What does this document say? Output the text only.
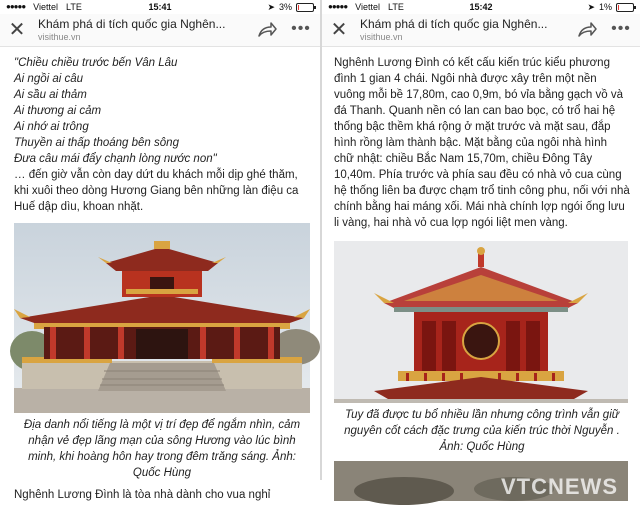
●●●●● Viettel LTE	15:41	➤ 3%
✕ Khám phá di tích quốc gia Nghên...
visithue.vn	•••

"Chiều chiều trước bến Vân Lâu

Ai ngồi ai câu

Ai sầu ai thảm

Ai thương ai cảm

Ai nhớ ai trông

Thuyền ai thấp thoáng bên sông

Đưa câu mái đẩy chạnh lòng nước non"

… đến giờ vẫn còn day dứt du khách mỗi dịp ghé thăm, khi xuôi theo dòng Hương Giang bên những làn điệu ca Huế dập dìu, khoan nhặt.

Địa danh nổi tiếng là một vị trí đẹp để ngắm nhìn, cảm nhận vẻ đẹp lãng mạn của sông Hương vào lúc bình minh, khi hoàng hôn hay trong đêm trăng sáng. Ảnh: Quốc Hùng

Nghênh Lương Đình là tòa nhà dành cho vua nghỉ

●●●●● Viettel LTE	15:42	➤ 1%
✕ Khám phá di tích quốc gia Nghên...
visithue.vn	•••

Nghênh Lương Đình có kết cấu kiến trúc kiểu phương đình 1 gian 4 chái. Ngôi nhà được xây trên một nền vuông mỗi bề 17,80m, cao 0,9m, bó vỉa bằng gạch vồ và đá Thanh. Quanh nền có lan can bao bọc, có trổ hai hệ thống bậc thềm khá rộng ở mặt trước và mặt sau, đắp hình rồng làm thành bậc. Mặt bằng của ngôi nhà hình chữ nhật: chiều Bắc Nam 15,70m, chiều Đông Tây 10,40m. Phía trước và phía sau đều có nhà vỏ cua cùng hệ thống liên ba được chạm trổ tinh công phu, nối với nhà chính bằng hai máng xối. Mái nhà chính lợp ngói ống lưu li vàng, hai nhà vỏ cua lợp ngói liệt men vàng.

Tuy đã được tu bổ nhiều lần nhưng công trình vẫn giữ nguyên cốt cách đặc trưng của kiến trúc thời Nguyễn . Ảnh: Quốc Hùng

VTCNEWS
